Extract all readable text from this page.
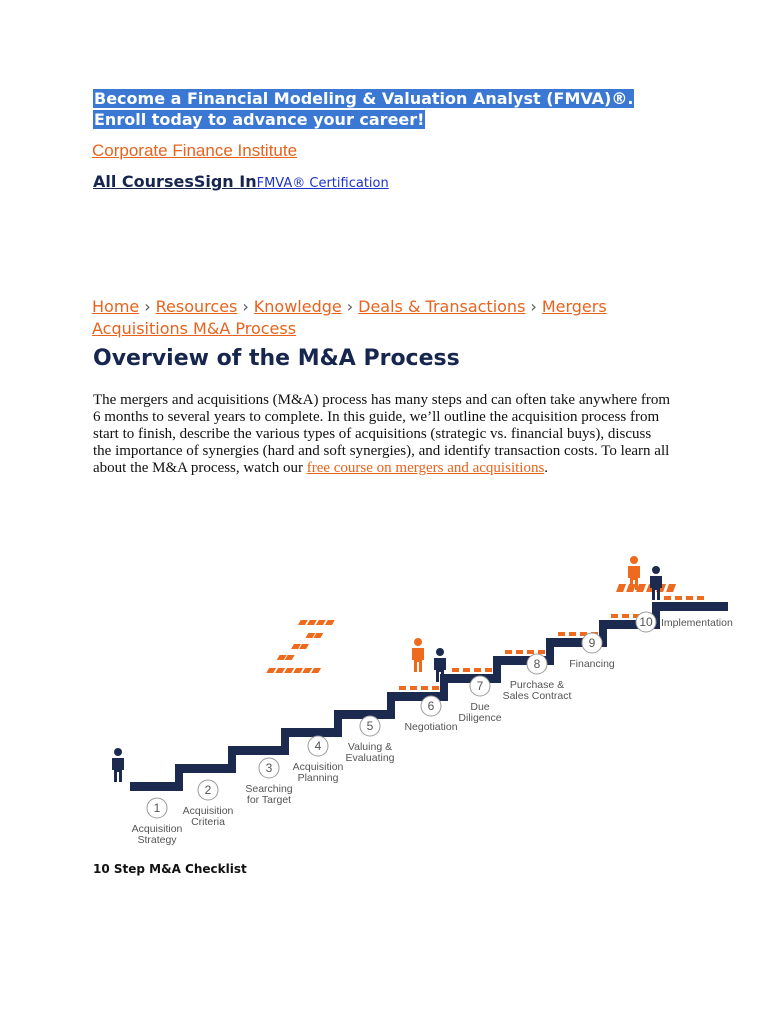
Become a Financial Modeling & Valuation Analyst (FMVA)®. Enroll today to advance your career!

Corporate Finance Institute

All CoursesSign InFMVA® Certification
Home › Resources › Knowledge › Deals & Transactions › Mergers Acquisitions M&A Process
Overview of the M&A Process

The mergers and acquisitions (M&A) process has many steps and can often take anywhere from 6 months to several years to complete. In this guide, we’ll outline the acquisition process from start to finish, describe the various types of acquisitions (strategic vs. financial buys), discuss the importance of synergies (hard and soft synergies), and identify transaction costs. To learn all about the M&A process, watch our free course on mergers and acquisitions.

1
Acquisition
Strategy
2
Acquisition
Criteria
3
Searching
for Target
4
Acquisition
Planning
5
Valuing &
Evaluating
6
Negotiation
7
Due
Diligence
8
Purchase &
Sales Contract
9
Financing
10 Implementation

10 Step M&A Checklist
